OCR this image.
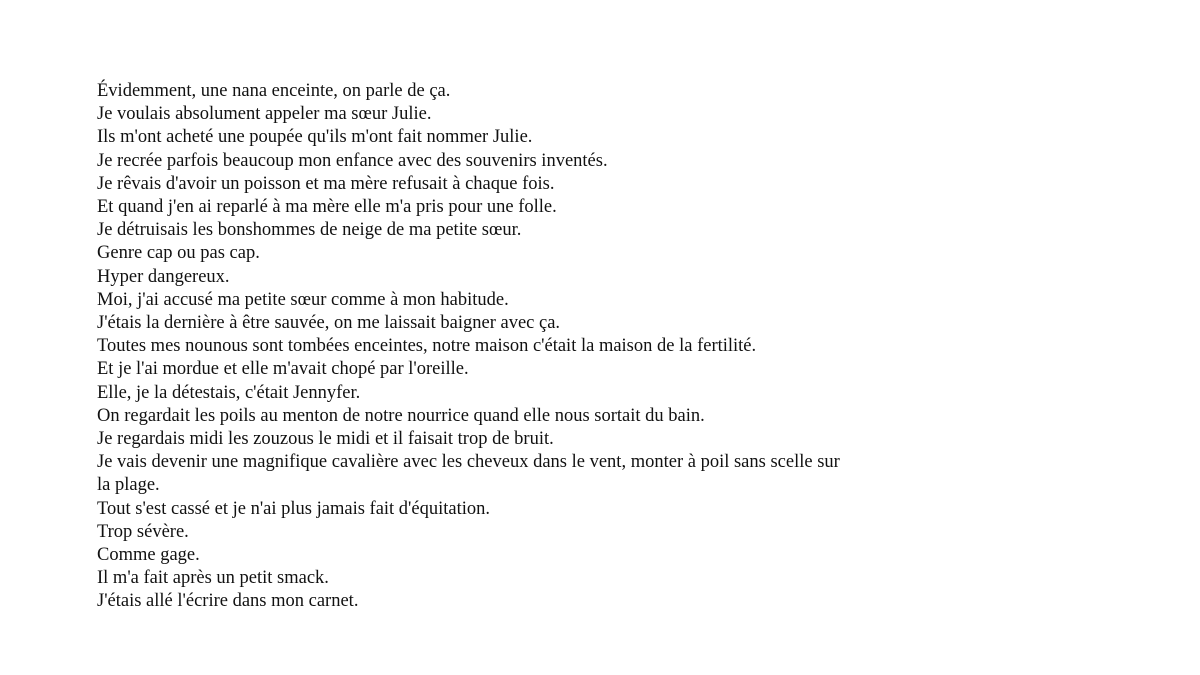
Évidemment, une nana enceinte, on parle de ça.

Je voulais absolument appeler ma sœur Julie.

Ils m'ont acheté une poupée qu'ils m'ont fait nommer Julie.

Je recrée parfois beaucoup mon enfance avec des souvenirs inventés.

Je rêvais d'avoir un poisson et ma mère refusait à chaque fois.

Et quand j'en ai reparlé à ma mère elle m'a pris pour une folle.

Je détruisais les bonshommes de neige de ma petite sœur.

Genre cap ou pas cap.

Hyper dangereux.

Moi, j'ai accusé ma petite sœur comme à mon habitude.

J'étais la dernière à être sauvée, on me laissait baigner avec ça.

Toutes mes nounous sont tombées enceintes, notre maison c'était la maison de la fertilité.

Et je l'ai mordue et elle m'avait chopé par l'oreille.

Elle, je la détestais, c'était Jennyfer.

On regardait les poils au menton de notre nourrice quand elle nous sortait du bain.

Je regardais midi les zouzous le midi et il faisait trop de bruit.

Je vais devenir une magnifique cavalière avec les cheveux dans le vent, monter à poil sans scelle sur

la plage.

Tout s'est cassé et je n'ai plus jamais fait d'équitation.

Trop sévère.

Comme gage.

Il m'a fait après un petit smack.

J'étais allé l'écrire dans mon carnet.
